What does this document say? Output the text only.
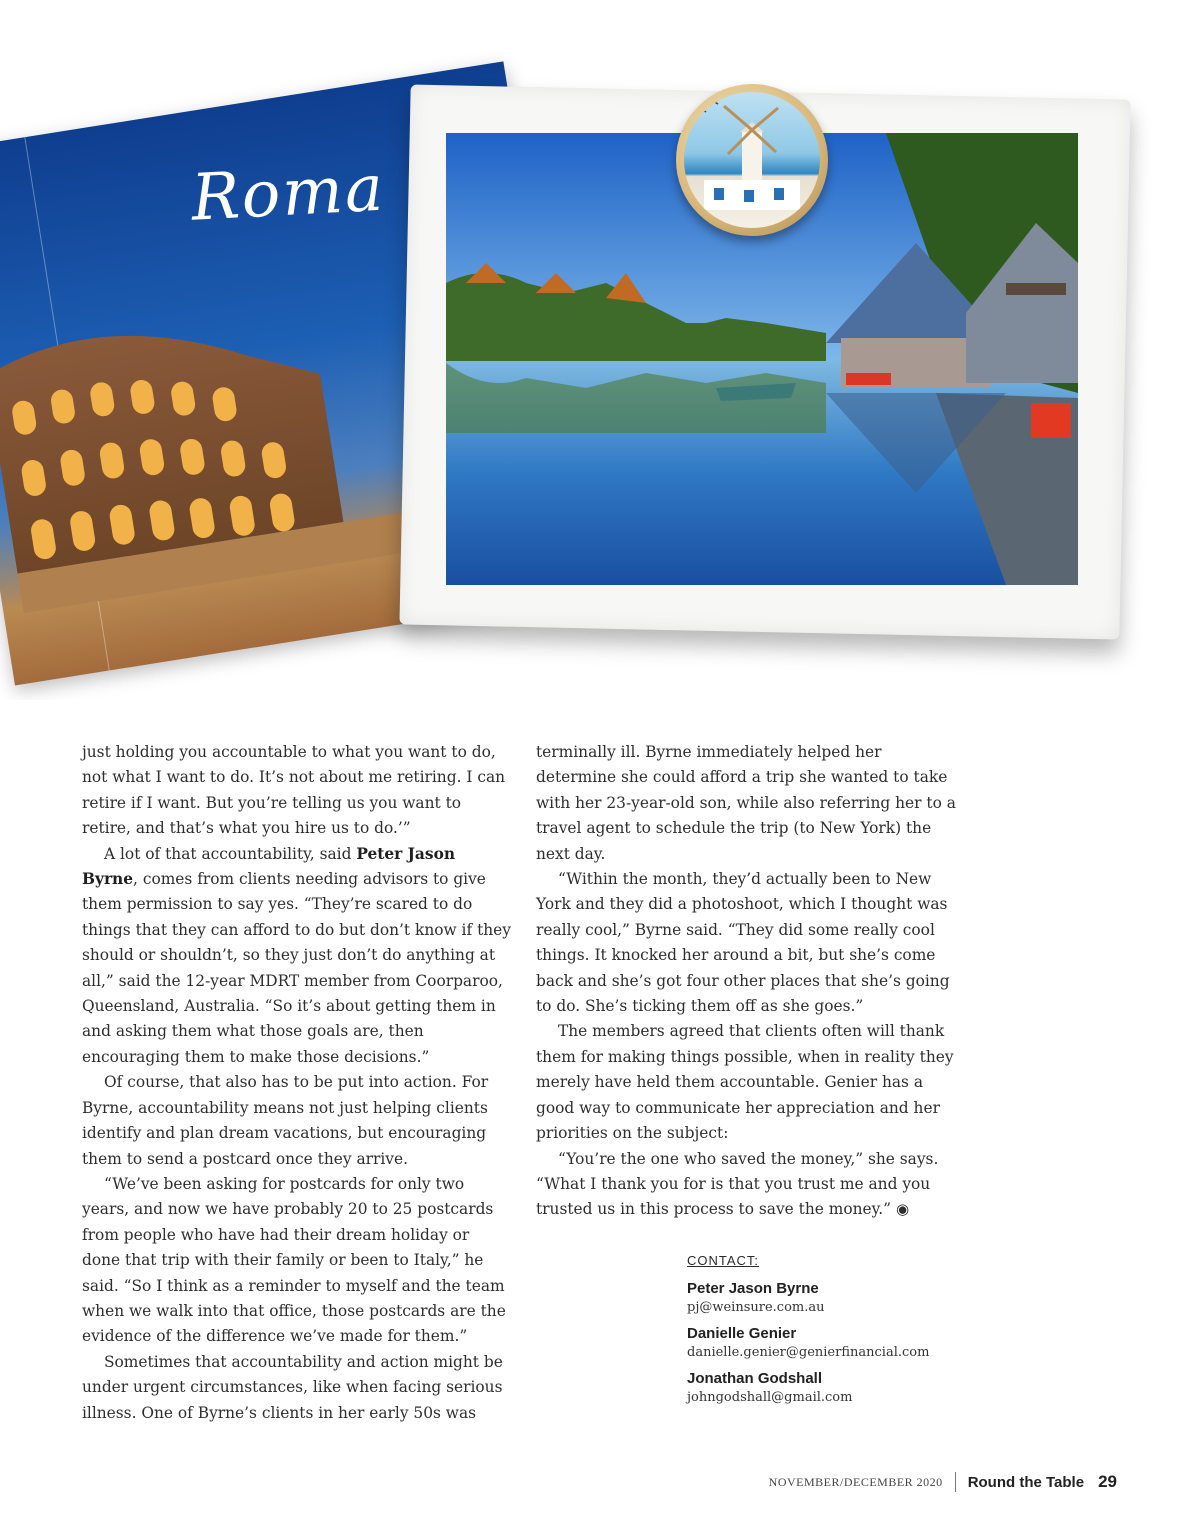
Roma

just holding you accountable to what you want to do, not what I want to do. It’s not about me retiring. I can retire if I want. But you’re telling us you want to retire, and that’s what you hire us to do.’”

A lot of that accountability, said Peter Jason Byrne, comes from clients needing advisors to give them permission to say yes. “They’re scared to do things that they can afford to do but don’t know if they should or shouldn’t, so they just don’t do anything at all,” said the 12-year MDRT member from Coorparoo, Queensland, Australia. “So it’s about getting them in and asking them what those goals are, then encouraging them to make those decisions.”

Of course, that also has to be put into action. For Byrne, accountability means not just helping clients identify and plan dream vacations, but encouraging them to send a postcard once they arrive.

“We’ve been asking for postcards for only two years, and now we have probably 20 to 25 postcards from people who have had their dream holiday or done that trip with their family or been to Italy,” he said. “So I think as a reminder to myself and the team when we walk into that office, those postcards are the evidence of the difference we’ve made for them.”

Sometimes that accountability and action might be under urgent circumstances, like when facing serious illness. One of Byrne’s clients in her early 50s was

terminally ill. Byrne immediately helped her determine she could afford a trip she wanted to take with her 23-year-old son, while also referring her to a travel agent to schedule the trip (to New York) the next day.

“Within the month, they’d actually been to New York and they did a photoshoot, which I thought was really cool,” Byrne said. “They did some really cool things. It knocked her around a bit, but she’s come back and she’s got four other places that she’s going to do. She’s ticking them off as she goes.”

The members agreed that clients often will thank them for making things possible, when in reality they merely have held them accountable. Genier has a good way to communicate her appreciation and her priorities on the subject:

“You’re the one who saved the money,” she says. “What I thank you for is that you trust me and you trusted us in this process to save the money.” ◉

CONTACT:
Peter Jason Byrne
pj@weinsure.com.au
Danielle Genier
danielle.genier@genierfinancial.com
Jonathan Godshall
johngodshall@gmail.com
NOVEMBER/DECEMBER 2020 Round the Table 29
